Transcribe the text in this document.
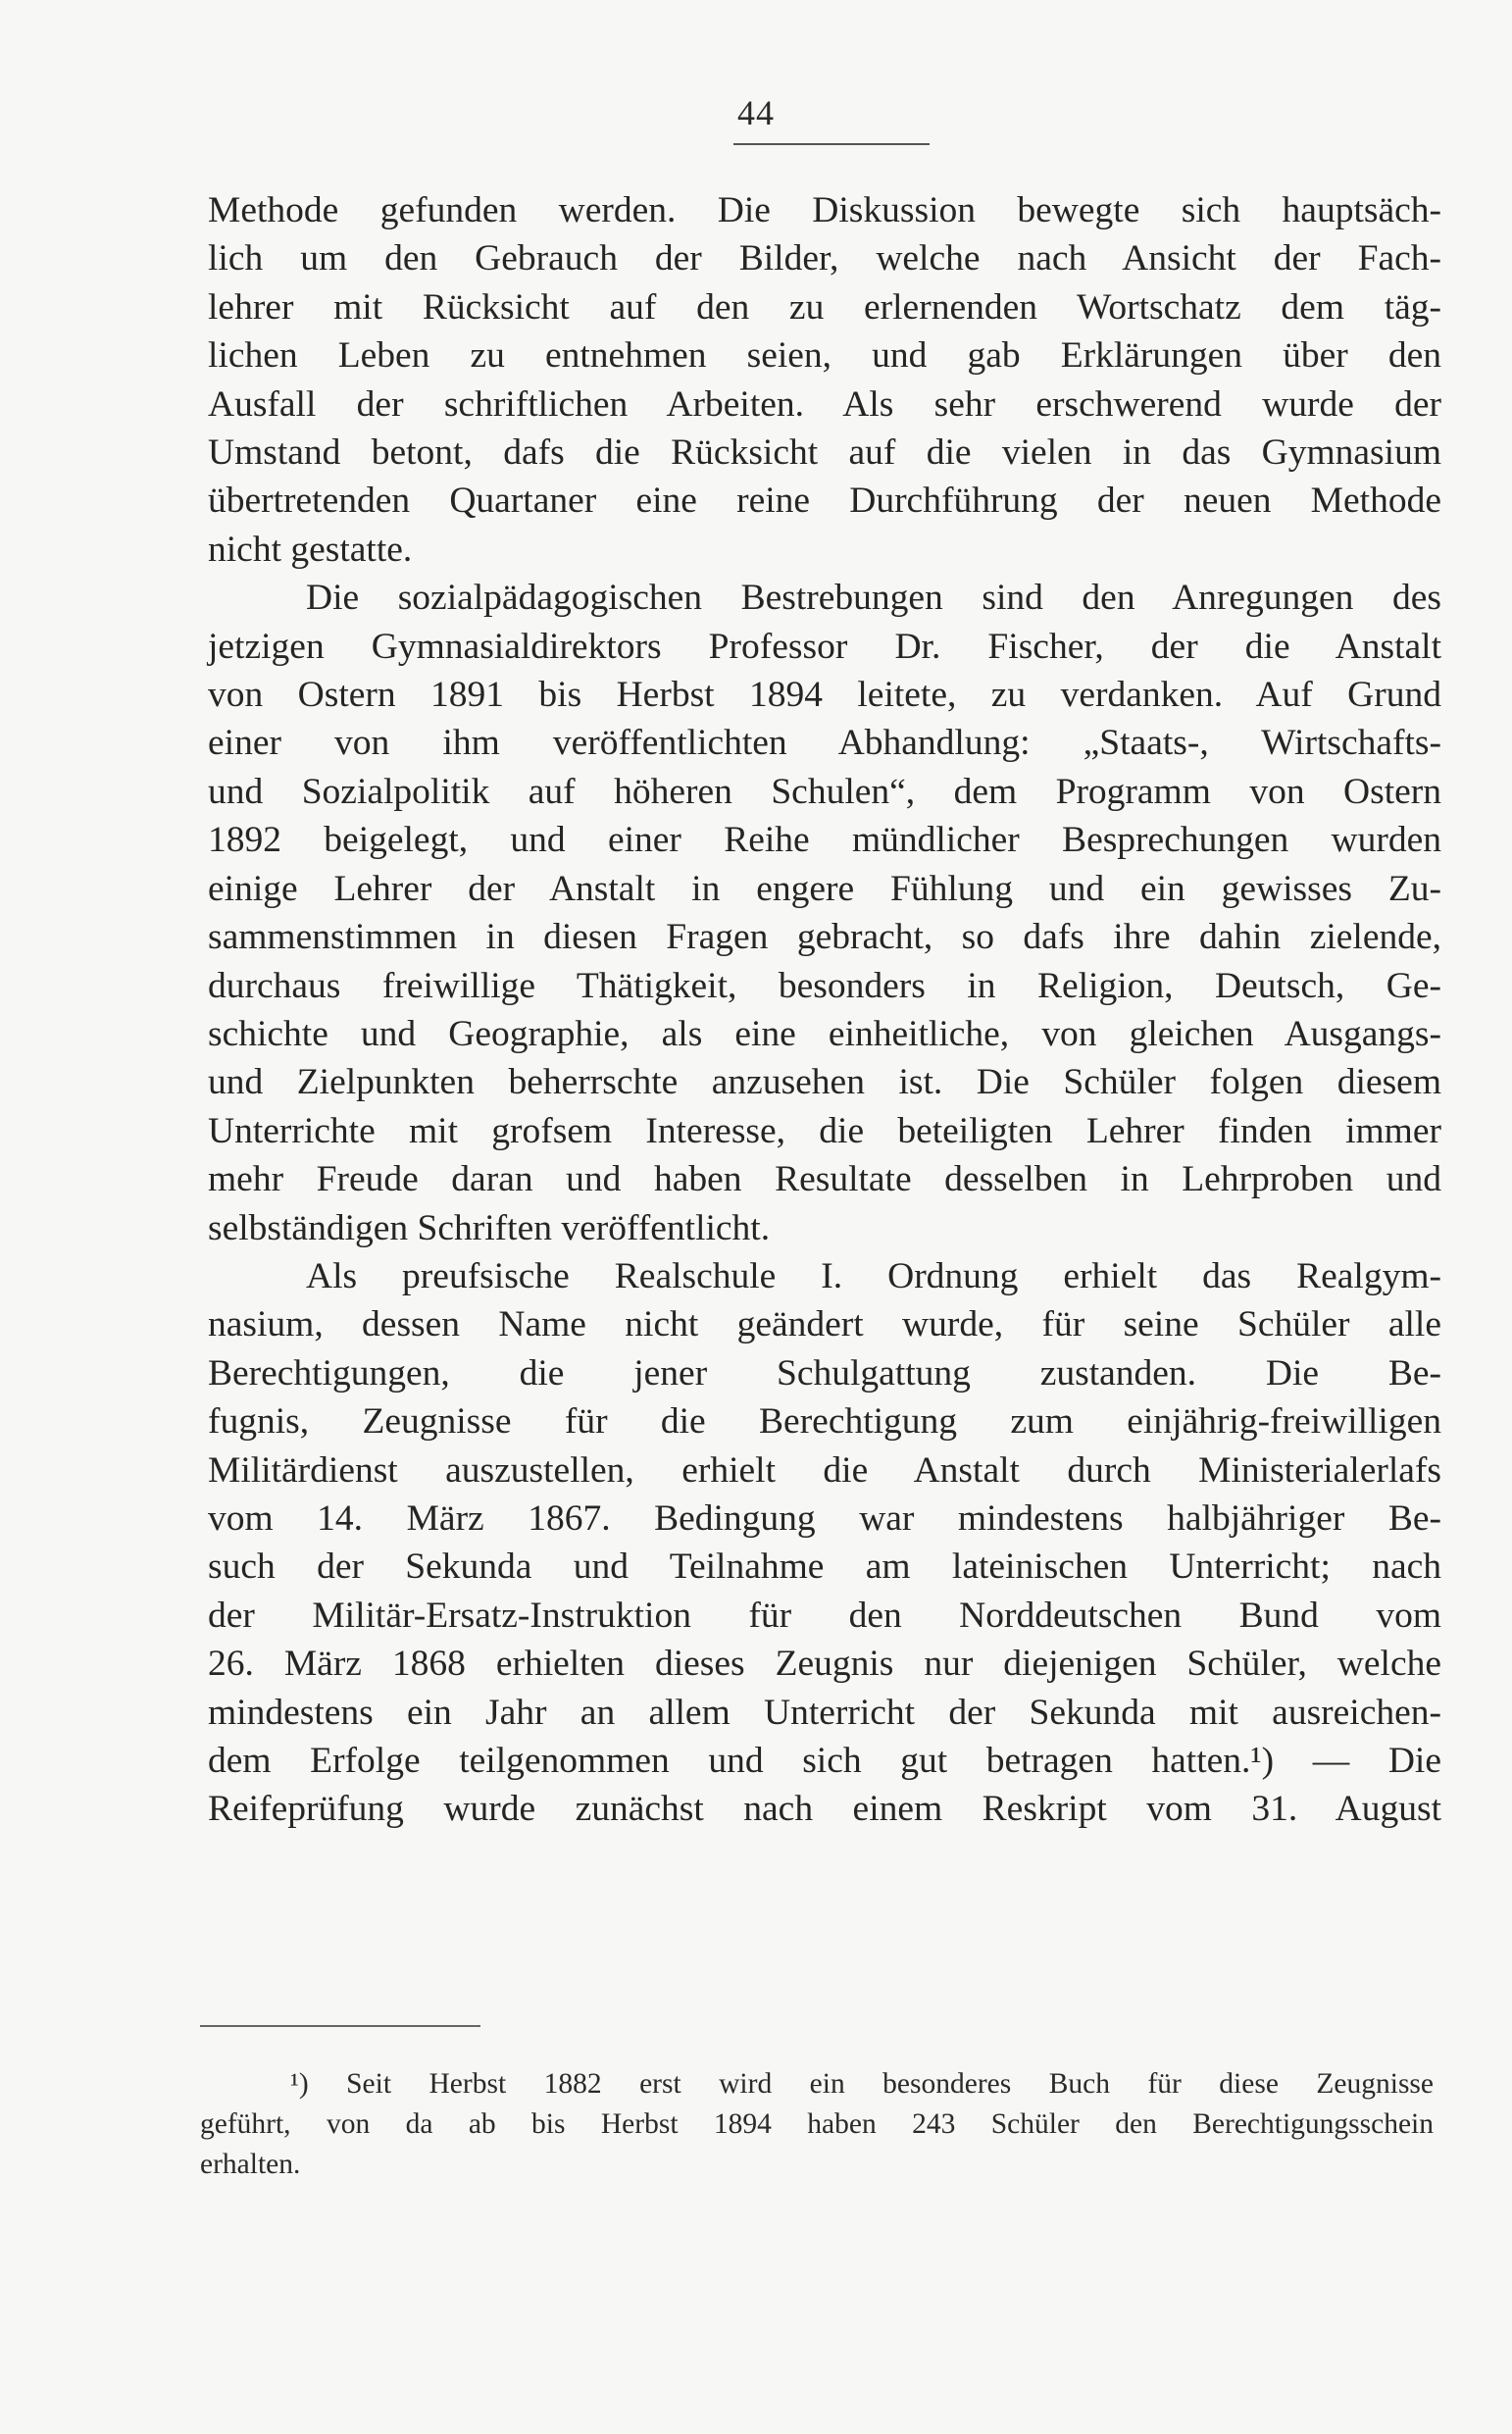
44

Methode gefunden werden. Die Diskussion bewegte sich hauptsäch-
lich um den Gebrauch der Bilder, welche nach Ansicht der Fach-
lehrer mit Rücksicht auf den zu erlernenden Wortschatz dem täg-
lichen Leben zu entnehmen seien, und gab Erklärungen über den
Ausfall der schriftlichen Arbeiten. Als sehr erschwerend wurde der
Umstand betont, dafs die Rücksicht auf die vielen in das Gymnasium
übertretenden Quartaner eine reine Durchführung der neuen Methode
nicht gestatte.

Die sozialpädagogischen Bestrebungen sind den Anregungen des
jetzigen Gymnasialdirektors Professor Dr. Fischer, der die Anstalt
von Ostern 1891 bis Herbst 1894 leitete, zu verdanken. Auf Grund
einer von ihm veröffentlichten Abhandlung: „Staats-, Wirtschafts-
und Sozialpolitik auf höheren Schulen“, dem Programm von Ostern
1892 beigelegt, und einer Reihe mündlicher Besprechungen wurden
einige Lehrer der Anstalt in engere Fühlung und ein gewisses Zu-
sammenstimmen in diesen Fragen gebracht, so dafs ihre dahin zielende,
durchaus freiwillige Thätigkeit, besonders in Religion, Deutsch, Ge-
schichte und Geographie, als eine einheitliche, von gleichen Ausgangs-
und Zielpunkten beherrschte anzusehen ist. Die Schüler folgen diesem
Unterrichte mit grofsem Interesse, die beteiligten Lehrer finden immer
mehr Freude daran und haben Resultate desselben in Lehrproben und
selbständigen Schriften veröffentlicht.

Als preufsische Realschule I. Ordnung erhielt das Realgym-
nasium, dessen Name nicht geändert wurde, für seine Schüler alle
Berechtigungen, die jener Schulgattung zustanden. Die Be-
fugnis, Zeugnisse für die Berechtigung zum einjährig-freiwilligen
Militärdienst auszustellen, erhielt die Anstalt durch Ministerialerlafs
vom 14. März 1867. Bedingung war mindestens halbjähriger Be-
such der Sekunda und Teilnahme am lateinischen Unterricht; nach
der Militär-Ersatz-Instruktion für den Norddeutschen Bund vom
26. März 1868 erhielten dieses Zeugnis nur diejenigen Schüler, welche
mindestens ein Jahr an allem Unterricht der Sekunda mit ausreichen-
dem Erfolge teilgenommen und sich gut betragen hatten.¹) — Die
Reifeprüfung wurde zunächst nach einem Reskript vom 31. August

¹) Seit Herbst 1882 erst wird ein besonderes Buch für diese Zeugnisse
geführt, von da ab bis Herbst 1894 haben 243 Schüler den Berechtigungsschein
erhalten.
